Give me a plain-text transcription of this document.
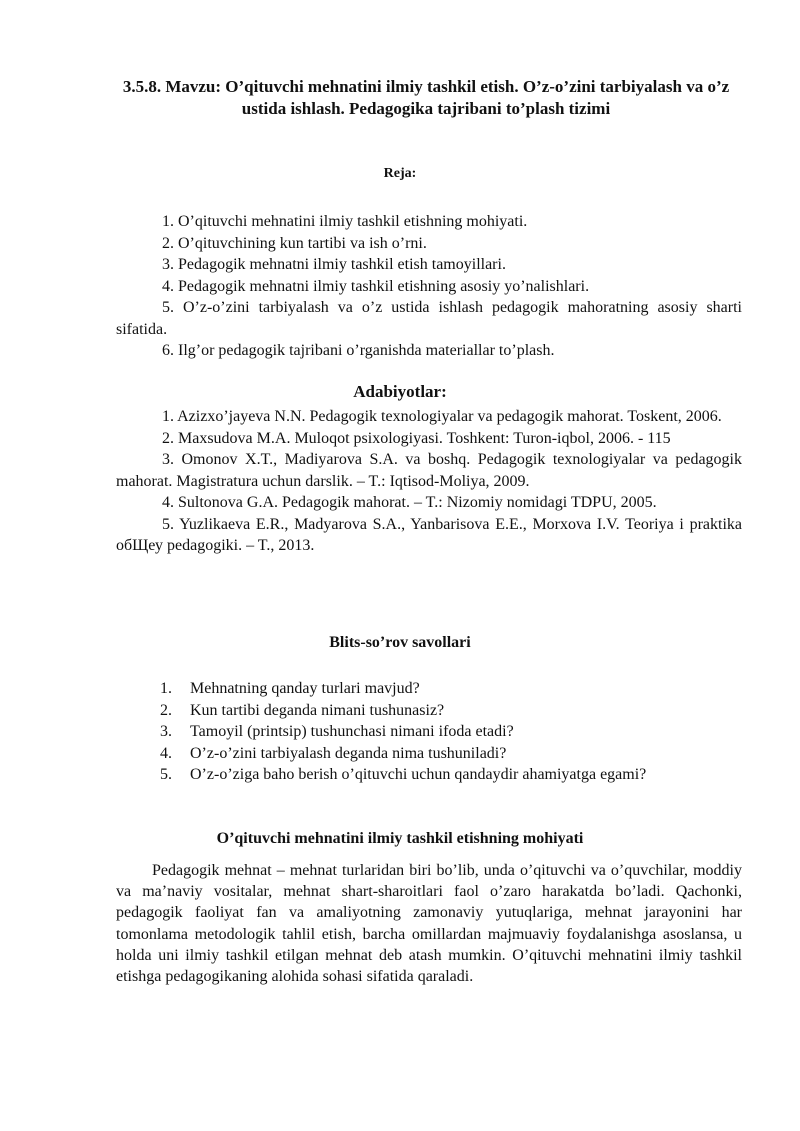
3.5.8. Mavzu: O’qituvchi mehnatini ilmiy tashkil etish. O’z-o’zini tarbiyalash va o’z ustida ishlash. Pedagogika tajribani to’plash tizimi
Reja:

1. O’qituvchi mehnatini ilmiy tashkil etishning mohiyati.

2. O’qituvchining kun tartibi va ish o’rni.

3. Pedagogik mehnatni ilmiy tashkil etish tamoyillari.

4. Pedagogik mehnatni ilmiy tashkil etishning asosiy yo’nalishlari.

5. O’z-o’zini tarbiyalash va o’z ustida ishlash pedagogik mahoratning asosiy sharti sifatida.

6. Ilg’or pedagogik tajribani o’rganishda materiallar to’plash.

Adabiyotlar:

1. Azizxo’jayeva N.N. Pedagogik texnologiyalar va pedagogik mahorat. Toskent, 2006.

2. Maxsudova M.A. Muloqot psixologiyasi. Toshkent: Turon-iqbol, 2006. - 115

3. Omonov X.T., Madiyarova S.A. va boshq. Pedagogik texnologiyalar va pedagogik mahorat. Magistratura uchun darslik. – T.: Iqtisod-Moliya, 2009.

4. Sultonova G.A. Pedagogik mahorat. – T.: Nizomiy nomidagi TDPU, 2005.

5. Yuzlikaeva E.R., Madyarova S.A., Yanbarisova E.E., Morxova I.V. Teoriya i praktika обЩеу pedagogiki. – T., 2013.

Blits-so’rov savollari
1.	Mehnatning qanday turlari mavjud?
2.	Kun tartibi deganda nimani tushunasiz?
3.	Tamoyil (printsip) tushunchasi nimani ifoda etadi?
4.	O’z-o’zini tarbiyalash deganda nima tushuniladi?
5.	O’z-o’ziga baho berish o’qituvchi uchun qandaydir ahamiyatga egami?
O’qituvchi mehnatini ilmiy tashkil etishning mohiyati

Pedagogik mehnat – mehnat turlaridan biri bo’lib, unda o’qituvchi va o’quvchilar, moddiy va ma’naviy vositalar, mehnat shart-sharoitlari faol o’zaro harakatda bo’ladi. Qachonki, pedagogik faoliyat fan va amaliyotning zamonaviy yutuqlariga, mehnat jarayonini har tomonlama metodologik tahlil etish, barcha omillardan majmuaviy foydalanishga asoslansa, u holda uni ilmiy tashkil etilgan mehnat deb atash mumkin. O’qituvchi mehnatini ilmiy tashkil etishga pedagogikaning alohida sohasi sifatida qaraladi.
